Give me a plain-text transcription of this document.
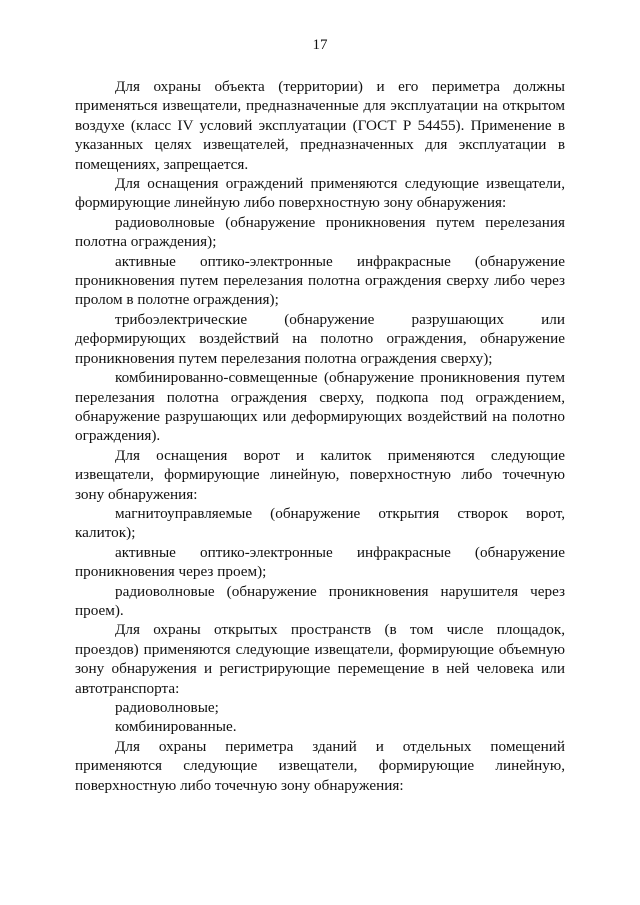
17

Для охраны объекта (территории) и его периметра должны применяться извещатели, предназначенные для эксплуатации на открытом воздухе (класс IV условий эксплуатации (ГОСТ Р 54455). Применение в указанных целях извещателей, предназначенных для эксплуатации в помещениях, запрещается.

Для оснащения ограждений применяются следующие извещатели, формирующие линейную либо поверхностную зону обнаружения:

радиоволновые (обнаружение проникновения путем перелезания полотна ограждения);

активные оптико-электронные инфракрасные (обнаружение проникновения путем перелезания полотна ограждения сверху либо через пролом в полотне ограждения);

трибоэлектрические (обнаружение разрушающих или деформирующих воздействий на полотно ограждения, обнаружение проникновения путем перелезания полотна ограждения сверху);

комбинированно-совмещенные (обнаружение проникновения путем перелезания полотна ограждения сверху, подкопа под ограждением, обнаружение разрушающих или деформирующих воздействий на полотно ограждения).

Для оснащения ворот и калиток применяются следующие извещатели, формирующие линейную, поверхностную либо точечную зону обнаружения:

магнитоуправляемые (обнаружение открытия створок ворот, калиток);

активные оптико-электронные инфракрасные (обнаружение проникновения через проем);

радиоволновые (обнаружение проникновения нарушителя через проем).

Для охраны открытых пространств (в том числе площадок, проездов) применяются следующие извещатели, формирующие объемную зону обнаружения и регистрирующие перемещение в ней человека или автотранспорта:

радиоволновые;

комбинированные.

Для охраны периметра зданий и отдельных помещений применяются следующие извещатели, формирующие линейную, поверхностную либо точечную зону обнаружения:
